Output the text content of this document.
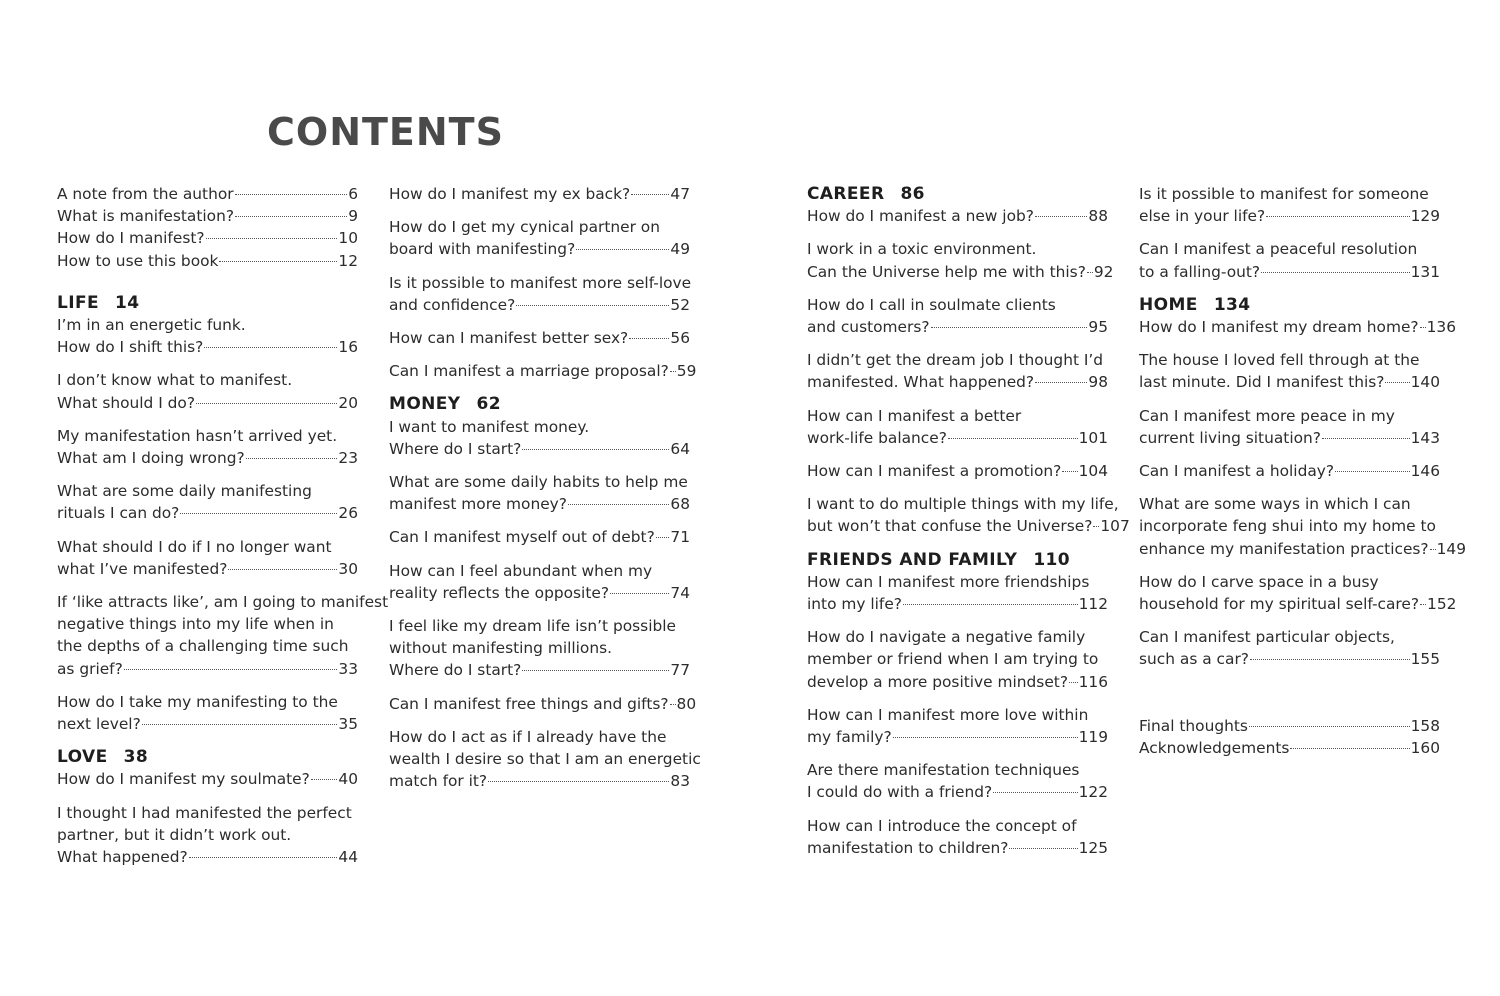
CONTENTS
A note from the author	6
What is manifestation?	9
How do I manifest?	10
How to use this book	12
LIFE 14
I’m in an energetic funk.
How do I shift this?	16
I don’t know what to manifest.
What should I do?	20
My manifestation hasn’t arrived yet.
What am I doing wrong?	23
What are some daily manifesting
rituals I can do?	26
What should I do if I no longer want
what I’ve manifested?	30
If ‘like attracts like’, am I going to manifest
negative things into my life when in
the depths of a challenging time such
as grief?	33
How do I take my manifesting to the
next level?	35
LOVE 38
How do I manifest my soulmate? 40
I thought I had manifested the perfect
partner, but it didn’t work out.
What happened?	44
How do I manifest my ex back?	47
How do I get my cynical partner on
board with manifesting?	49
Is it possible to manifest more self-love
and confidence?	52
How can I manifest better sex?	56
Can I manifest a marriage proposal? 59
MONEY 62
I want to manifest money.
Where do I start?	64
What are some daily habits to help me
manifest more money?	68
Can I manifest myself out of debt? 71
How can I feel abundant when my
reality reflects the opposite?	74
I feel like my dream life isn’t possible
without manifesting millions.
Where do I start?	77
Can I manifest free things and gifts? 80
How do I act as if I already have the
wealth I desire so that I am an energetic
match for it?	83
CAREER 86
How do I manifest a new job?	88
I work in a toxic environment.
Can the Universe help me with this? 92
How do I call in soulmate clients
and customers?	95
I didn’t get the dream job I thought I’d
manifested. What happened?	98
How can I manifest a better
work-life balance?	101
How can I manifest a promotion? 104
I want to do multiple things with my life,
but won’t that confuse the Universe? 107
FRIENDS AND FAMILY 110
How can I manifest more friendships
into my life?	112
How do I navigate a negative family
member or friend when I am trying to
develop a more positive mindset? 116
How can I manifest more love within
my family?	119
Are there manifestation techniques
I could do with a friend?	122
How can I introduce the concept of
manifestation to children?	125
Is it possible to manifest for someone
else in your life?	129
Can I manifest a peaceful resolution
to a falling-out?	131
HOME 134
How do I manifest my dream home? 136
The house I loved fell through at the
last minute. Did I manifest this? 140
Can I manifest more peace in my
current living situation?	143
Can I manifest a holiday?	146
What are some ways in which I can
incorporate feng shui into my home to
enhance my manifestation practices? 149
How do I carve space in a busy
household for my spiritual self-care? 152
Can I manifest particular objects,
such as a car?	155
Final thoughts	158
Acknowledgements	160
